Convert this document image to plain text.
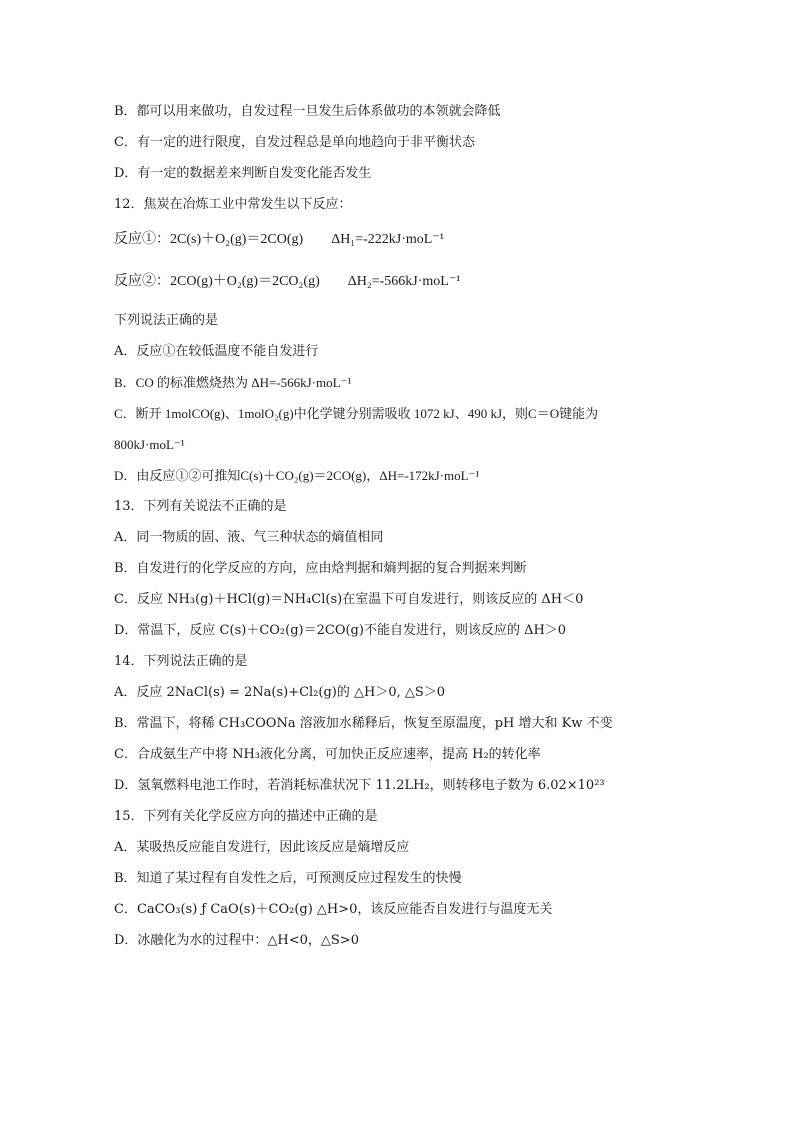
B．都可以用来做功，自发过程一旦发生后体系做功的本领就会降低
C．有一定的进行限度，自发过程总是单向地趋向于非平衡状态
D．有一定的数据差来判断自发变化能否发生
12．焦炭在冶炼工业中常发生以下反应：
反应①：2C(s)＋O₂(g)＝2CO(g)　　ΔH₁=-222kJ·moL⁻¹
反应②：2CO(g)＋O₂(g)＝2CO₂(g)　　ΔH₂=-566kJ·moL⁻¹
下列说法正确的是
A．反应①在较低温度不能自发进行
B．CO 的标准燃烧热为 ΔH=-566kJ·moL⁻¹
C．断开 1molCO(g)、1molO₂(g)中化学键分别需吸收 1072 kJ、490 kJ，则C＝O键能为
800kJ·moL⁻¹
D．由反应①②可推知C(s)＋CO₂(g)＝2CO(g)，ΔH=-172kJ·moL⁻¹
13．下列有关说法不正确的是
A．同一物质的固、液、气三种状态的熵值相同
B．自发进行的化学反应的方向，应由焓判据和熵判据的复合判据来判断
C．反应 NH₃(g)＋HCl(g)＝NH₄Cl(s)在室温下可自发进行，则该反应的 ΔH＜0
D．常温下，反应 C(s)＋CO₂(g)＝2CO(g)不能自发进行，则该反应的 ΔH＞0
14．下列说法正确的是
A．反应 2NaCl(s) = 2Na(s)+Cl₂(g)的 △H＞0, △S＞0
B．常温下，将稀 CH₃COONa 溶液加水稀释后，恢复至原温度，pH 增大和 Kw 不变
C．合成氨生产中将 NH₃液化分离，可加快正反应速率，提高 H₂的转化率
D．氢氧燃料电池工作时，若消耗标准状况下 11.2LH₂，则转移电子数为 6.02×10²³
15．下列有关化学反应方向的描述中正确的是
A．某吸热反应能自发进行，因此该反应是熵增反应
B．知道了某过程有自发性之后，可预测反应过程发生的快慢
C．CaCO₃(s) ƒ CaO(s)＋CO₂(g) △H>0，该反应能否自发进行与温度无关
D．冰融化为水的过程中：△H<0，△S>0
